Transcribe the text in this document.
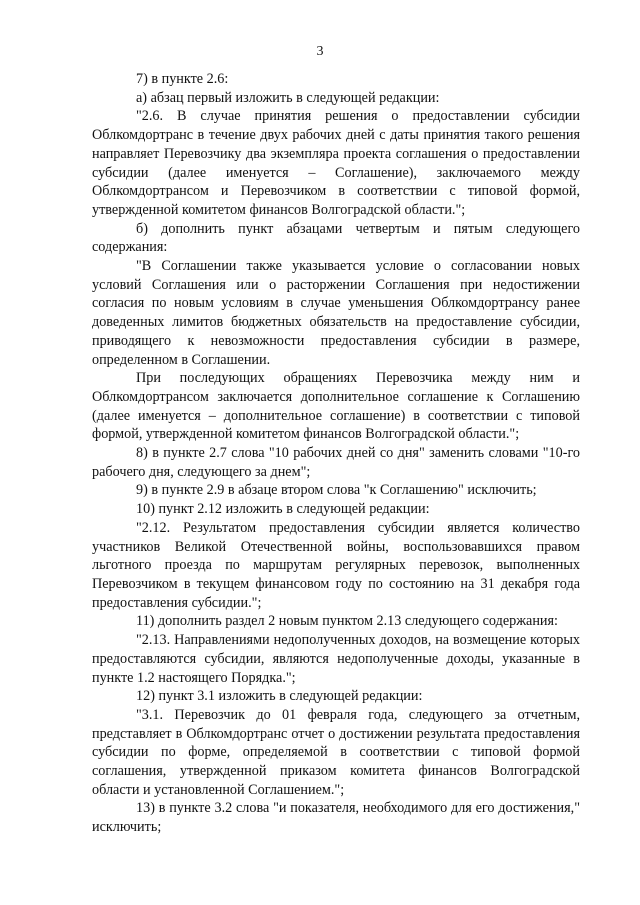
3

7) в пункте 2.6:

а) абзац первый изложить в следующей редакции:

"2.6. В случае принятия решения о предоставлении субсидии Облкомдортранс в течение двух рабочих дней с даты принятия такого решения направляет Перевозчику два экземпляра проекта соглашения о предоставлении субсидии (далее именуется – Соглашение), заключаемого между Облкомдортрансом и Перевозчиком в соответствии с типовой формой, утвержденной комитетом финансов Волгоградской области.";

б) дополнить пункт абзацами четвертым и пятым следующего содержания:

"В Соглашении также указывается условие о согласовании новых условий Соглашения или о расторжении Соглашения при недостижении согласия по новым условиям в случае уменьшения Облкомдортрансу ранее доведенных лимитов бюджетных обязательств на предоставление субсидии, приводящего к невозможности предоставления субсидии в размере, определенном в Соглашении.

При последующих обращениях Перевозчика между ним и Облкомдортрансом заключается дополнительное соглашение к Соглашению (далее именуется – дополнительное соглашение) в соответствии с типовой формой, утвержденной комитетом финансов Волгоградской области.";

8) в пункте 2.7 слова "10 рабочих дней со дня" заменить словами "10-го рабочего дня, следующего за днем";

9) в пункте 2.9 в абзаце втором слова "к Соглашению" исключить;

10) пункт 2.12 изложить в следующей редакции:

"2.12. Результатом предоставления субсидии является количество участников Великой Отечественной войны, воспользовавшихся правом льготного проезда по маршрутам регулярных перевозок, выполненных Перевозчиком в текущем финансовом году по состоянию на 31 декабря года предоставления субсидии.";

11) дополнить раздел 2 новым пунктом 2.13 следующего содержания:

"2.13. Направлениями недополученных доходов, на возмещение которых предоставляются субсидии, являются недополученные доходы, указанные в пункте 1.2 настоящего Порядка.";

12) пункт 3.1 изложить в следующей редакции:

"3.1. Перевозчик до 01 февраля года, следующего за отчетным, представляет в Облкомдортранс отчет о достижении результата предоставления субсидии по форме, определяемой в соответствии с типовой формой соглашения, утвержденной приказом комитета финансов Волгоградской области и установленной Соглашением.";

13) в пункте 3.2 слова "и показателя, необходимого для его достижения," исключить;
